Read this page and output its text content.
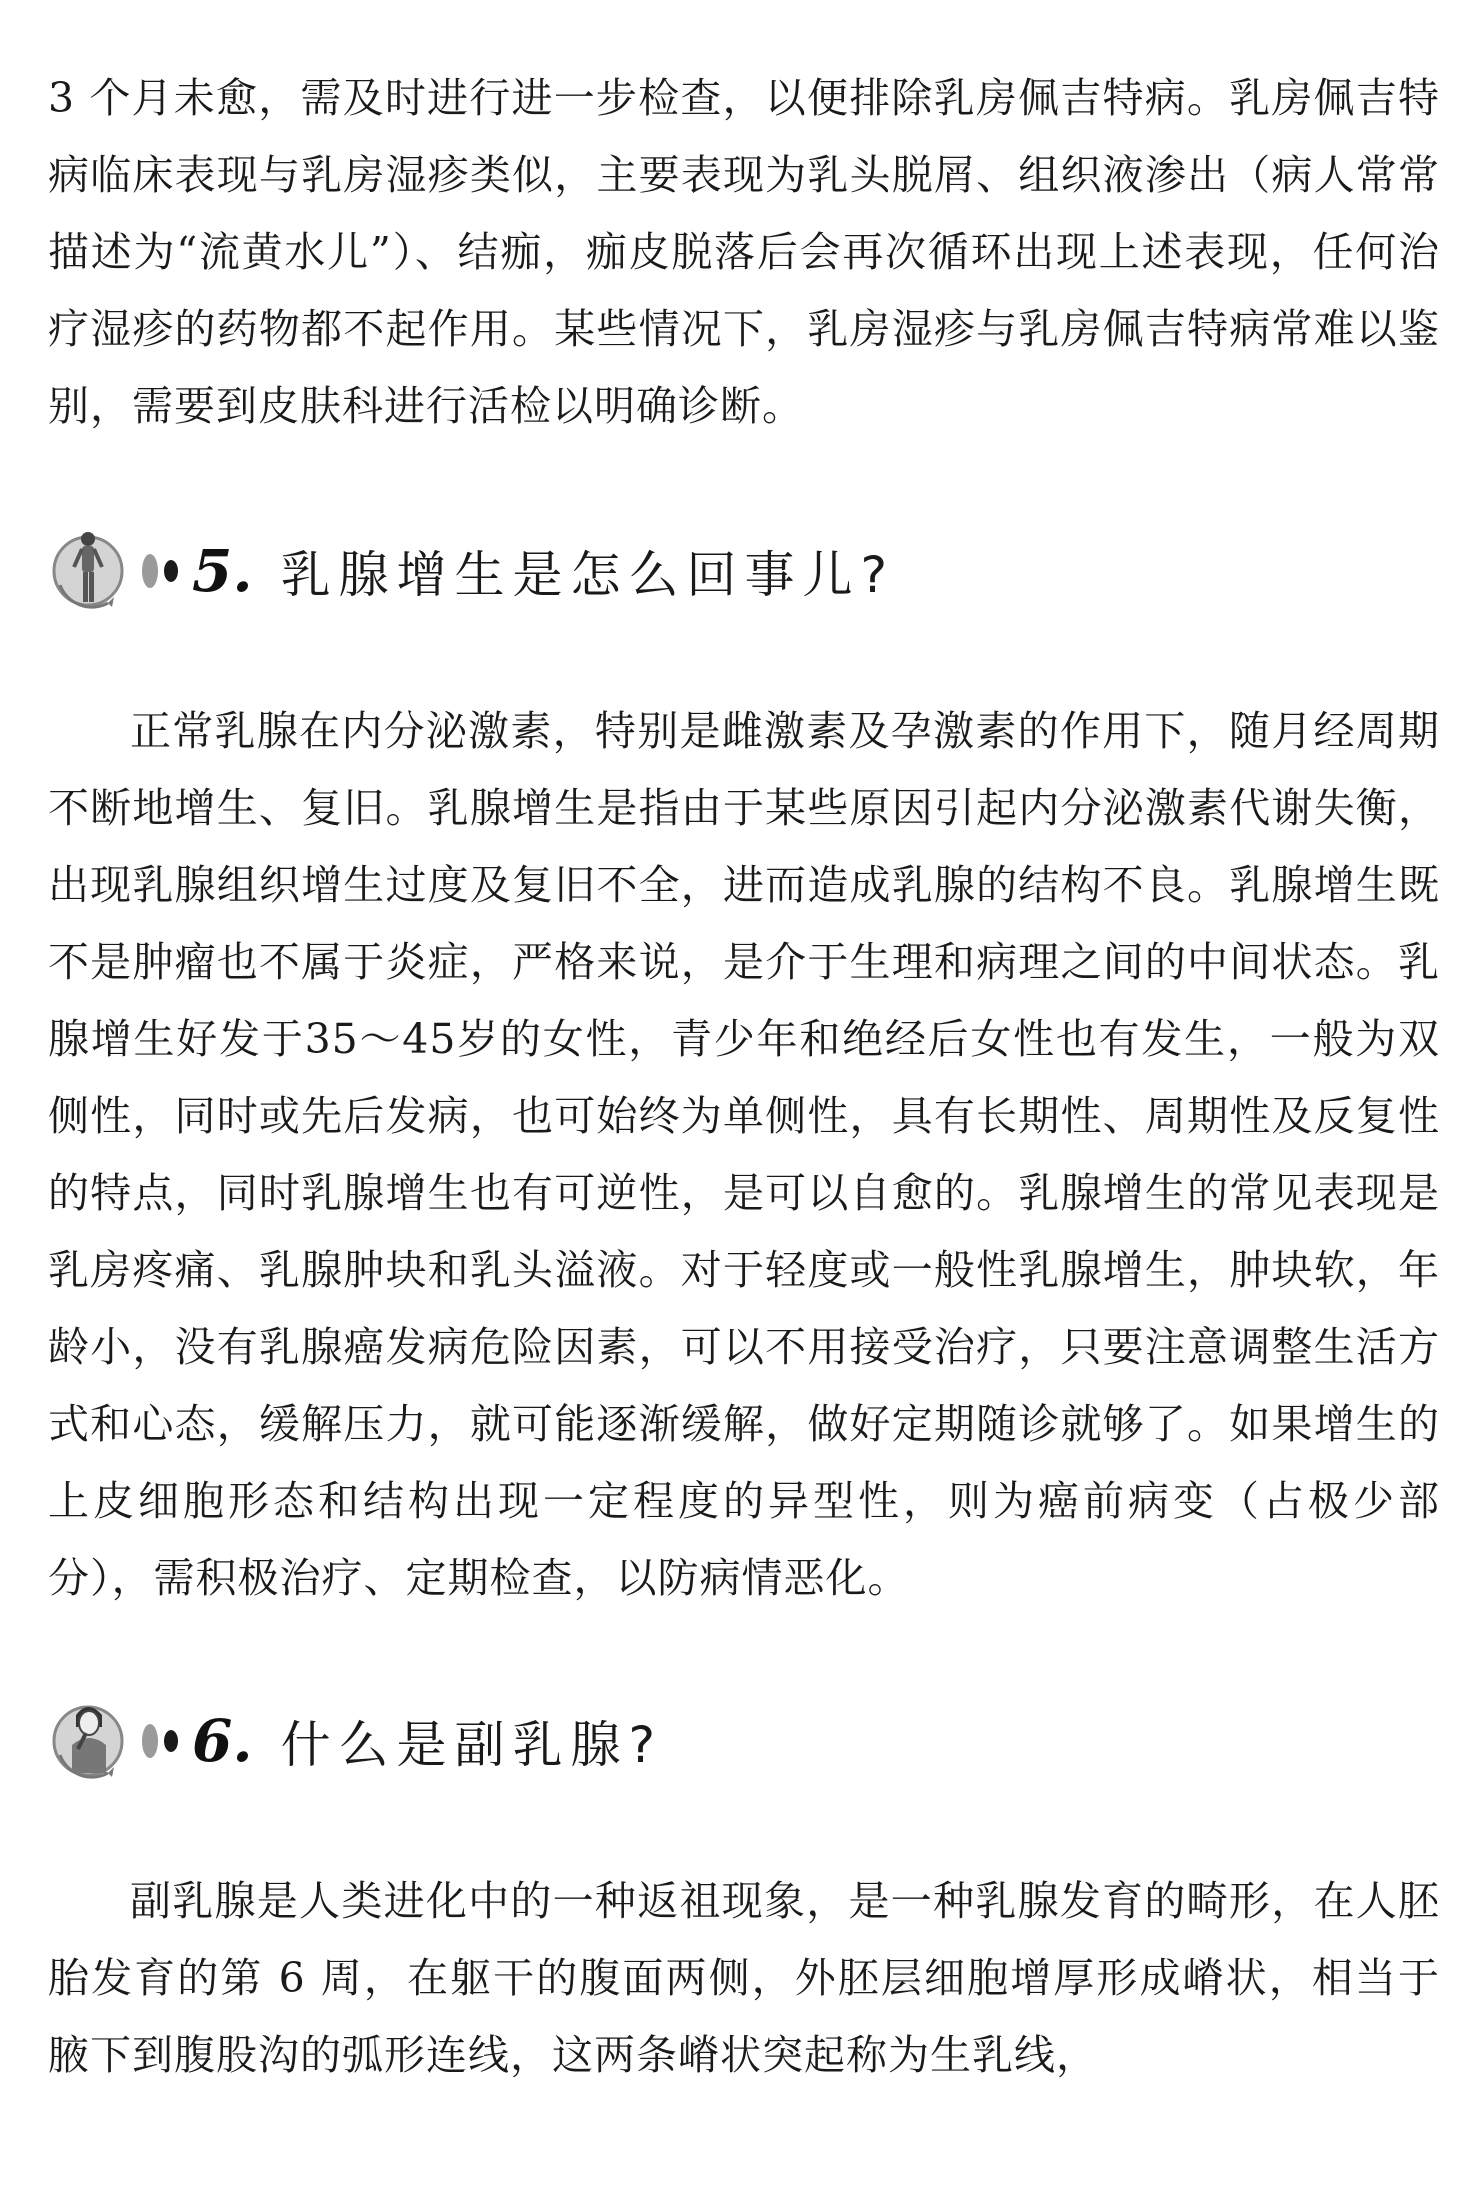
3 个月未愈，需及时进行进一步检查，以便排除乳房佩吉特病。乳房佩吉特病临床表现与乳房湿疹类似，主要表现为乳头脱屑、组织液渗出（病人常常描述为“流黄水儿”）、结痂，痂皮脱落后会再次循环出现上述表现，任何治疗湿疹的药物都不起作用。某些情况下，乳房湿疹与乳房佩吉特病常难以鉴别，需要到皮肤科进行活检以明确诊断。

5. 乳腺增生是怎么回事儿?

正常乳腺在内分泌激素，特别是雌激素及孕激素的作用下，随月经周期不断地增生、复旧。乳腺增生是指由于某些原因引起内分泌激素代谢失衡，出现乳腺组织增生过度及复旧不全，进而造成乳腺的结构不良。乳腺增生既不是肿瘤也不属于炎症，严格来说，是介于生理和病理之间的中间状态。乳腺增生好发于35～45岁的女性，青少年和绝经后女性也有发生，一般为双侧性，同时或先后发病，也可始终为单侧性，具有长期性、周期性及反复性的特点，同时乳腺增生也有可逆性，是可以自愈的。乳腺增生的常见表现是乳房疼痛、乳腺肿块和乳头溢液。对于轻度或一般性乳腺增生，肿块软，年龄小，没有乳腺癌发病危险因素，可以不用接受治疗，只要注意调整生活方式和心态，缓解压力，就可能逐渐缓解，做好定期随诊就够了。如果增生的上皮细胞形态和结构出现一定程度的异型性，则为癌前病变（占极少部分），需积极治疗、定期检查，以防病情恶化。

6. 什么是副乳腺?

副乳腺是人类进化中的一种返祖现象，是一种乳腺发育的畸形，在人胚胎发育的第 6 周，在躯干的腹面两侧，外胚层细胞增厚形成嵴状，相当于腋下到腹股沟的弧形连线，这两条嵴状突起称为生乳线，
